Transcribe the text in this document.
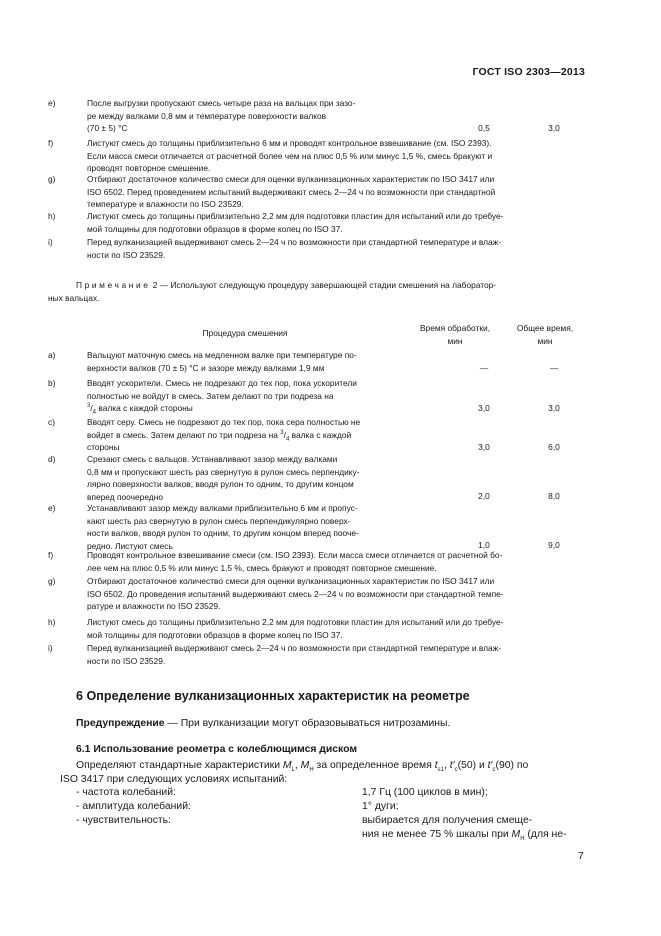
ГОСТ ISO 2303—2013
e)	После выгрузки пропускают смесь четыре раза на вальцах при зазо-
ре между валками 0,8 мм и температуре поверхности валков
(70 ± 5) °C	0,5	3,0
f)	Листуют смесь до толщины приблизительно 6 мм и проводят контрольное взвешивание (см. ISO 2393).
Если масса смеси отличается от расчетной более чем на плюс 0,5 % или минус 1,5 %, смесь бракуют и
проводят повторное смешение.
g)	Отбирают достаточное количество смеси для оценки вулканизационных характеристик по ISO 3417 или
ISO 6502. Перед проведением испытаний выдерживают смесь 2—24 ч по возможности при стандартной
температуре и влажности по ISO 23529.
h)	Листуют смесь до толщины приблизительно 2,2 мм для подготовки пластин для испытаний или до требуе-
мой толщины для подготовки образцов в форме колец по ISO 37.
i)	Перед вулканизацией выдерживают смесь 2—24 ч по возможности при стандартной температуре и влаж-
ности по ISO 23529.
Примечание 2 — Используют следующую процедуру завершающей стадии смешения на лаборатор-
ных вальцах.
Процедура смешения	Время обработки,
мин
Общее время,
мин
a)	Вальцуют маточную смесь на медленном валке при температуре по-
верхности валков (70 ± 5) °C и зазоре между валками 1,9 мм	—	—
b)	Вводят ускорители. Смесь не подрезают до тех пор, пока ускорители
полностью не войдут в смесь. Затем делают по три подреза на
$^3/_4$ валка с каждой стороны	3,0	3,0
c)	Вводят серу. Смесь не подрезают до тех пор, пока сера полностью не
войдет в смесь. Затем делают по три подреза на $^3/_4$ валка с каждой
стороны	3,0	6,0
d)	Срезают смесь с вальцов. Устанавливают зазор между валками
0,8 мм и пропускают шесть раз свернутую в рулон смесь перпендику-
лярно поверхности валков, вводя рулон то одним, то другим концом
вперед поочередно	2,0	8,0
e)	Устанавливают зазор между валками приблизительно 6 мм и пропус-
кают шесть раз свернутую в рулон смесь перпендикулярно поверх-
ности валков, вводя рулон то одним, то другим концом вперед пооче-
редно. Листуют смесь	1,0	9,0
f)	Проводят контрольное взвешивание смеси (см. ISO 2393). Если масса смеси отличается от расчетной бо-
лее чем на плюс 0,5 % или минус 1,5 %, смесь бракуют и проводят повторное смешение.
g)	Отбирают достаточное количество смеси для оценки вулканизационных характеристик по ISO 3417 или
ISO 6502. До проведения испытаний выдерживают смесь 2—24 ч по возможности при стандартной темпе-
ратуре и влажности по ISO 23529.
h)	Листуют смесь до толщины приблизительно 2,2 мм для подготовки пластин для испытаний или до требуе-
мой толщины для подготовки образцов в форме колец по ISO 37.
i)	Перед вулканизацией выдерживают смесь 2—24 ч по возможности при стандартной температуре и влаж-
ности по ISO 23529.
6 Определение вулканизационных характеристик на реометре
Предупреждение — При вулканизации могут образовываться нитрозамины.
6.1 Использование реометра с колеблющимся диском
Определяют стандартные характеристики $M_L$, $M_H$ за определенное время $t_{s1}$, $t'_c(50)$ и $t'_c(90)$ по
ISO 3417 при следующих условиях испытаний:
- частота колебаний:	1,7 Гц (100 циклов в мин);
- амплитуда колебаний:	1° дуги;
- чувствительность:	выбирается для получения смеще-
ния не менее 75 % шкалы при $M_H$ (для не-
7
